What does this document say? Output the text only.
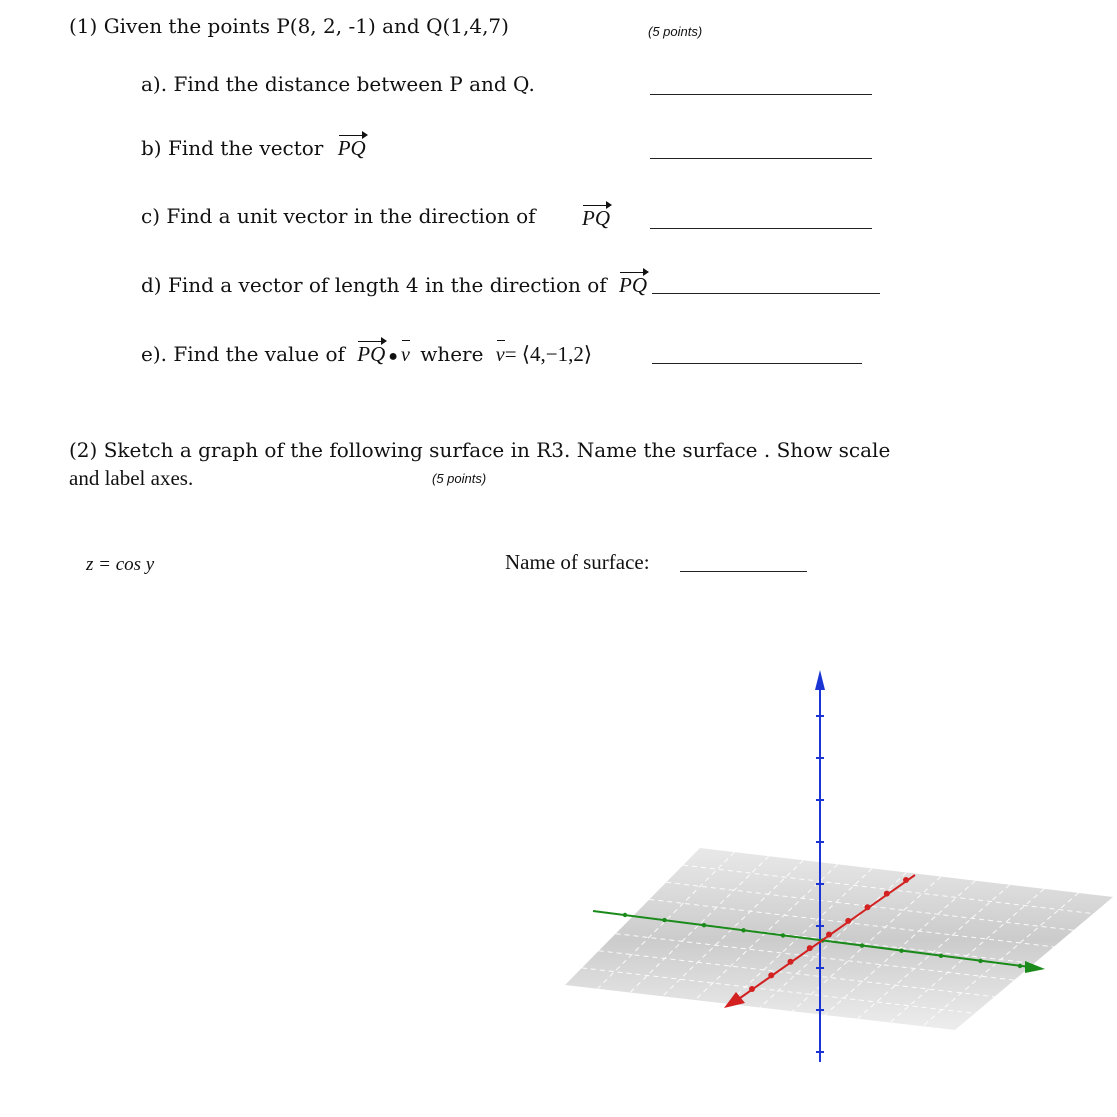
(1) Given the points P(8, 2, -1) and Q(1,4,7)	(5 points)
a). Find the distance between P and Q.
b) Find the vector PQ
c) Find a unit vector in the direction of PQ
d) Find a vector of length 4 in the direction of PQ
e). Find the value of PQ ● v where v= ⟨4,−1,2⟩
(2) Sketch a graph of the following surface in R3. Name the surface . Show scale
and label axes.	(5 points)
z = cos y	Name of surface:
